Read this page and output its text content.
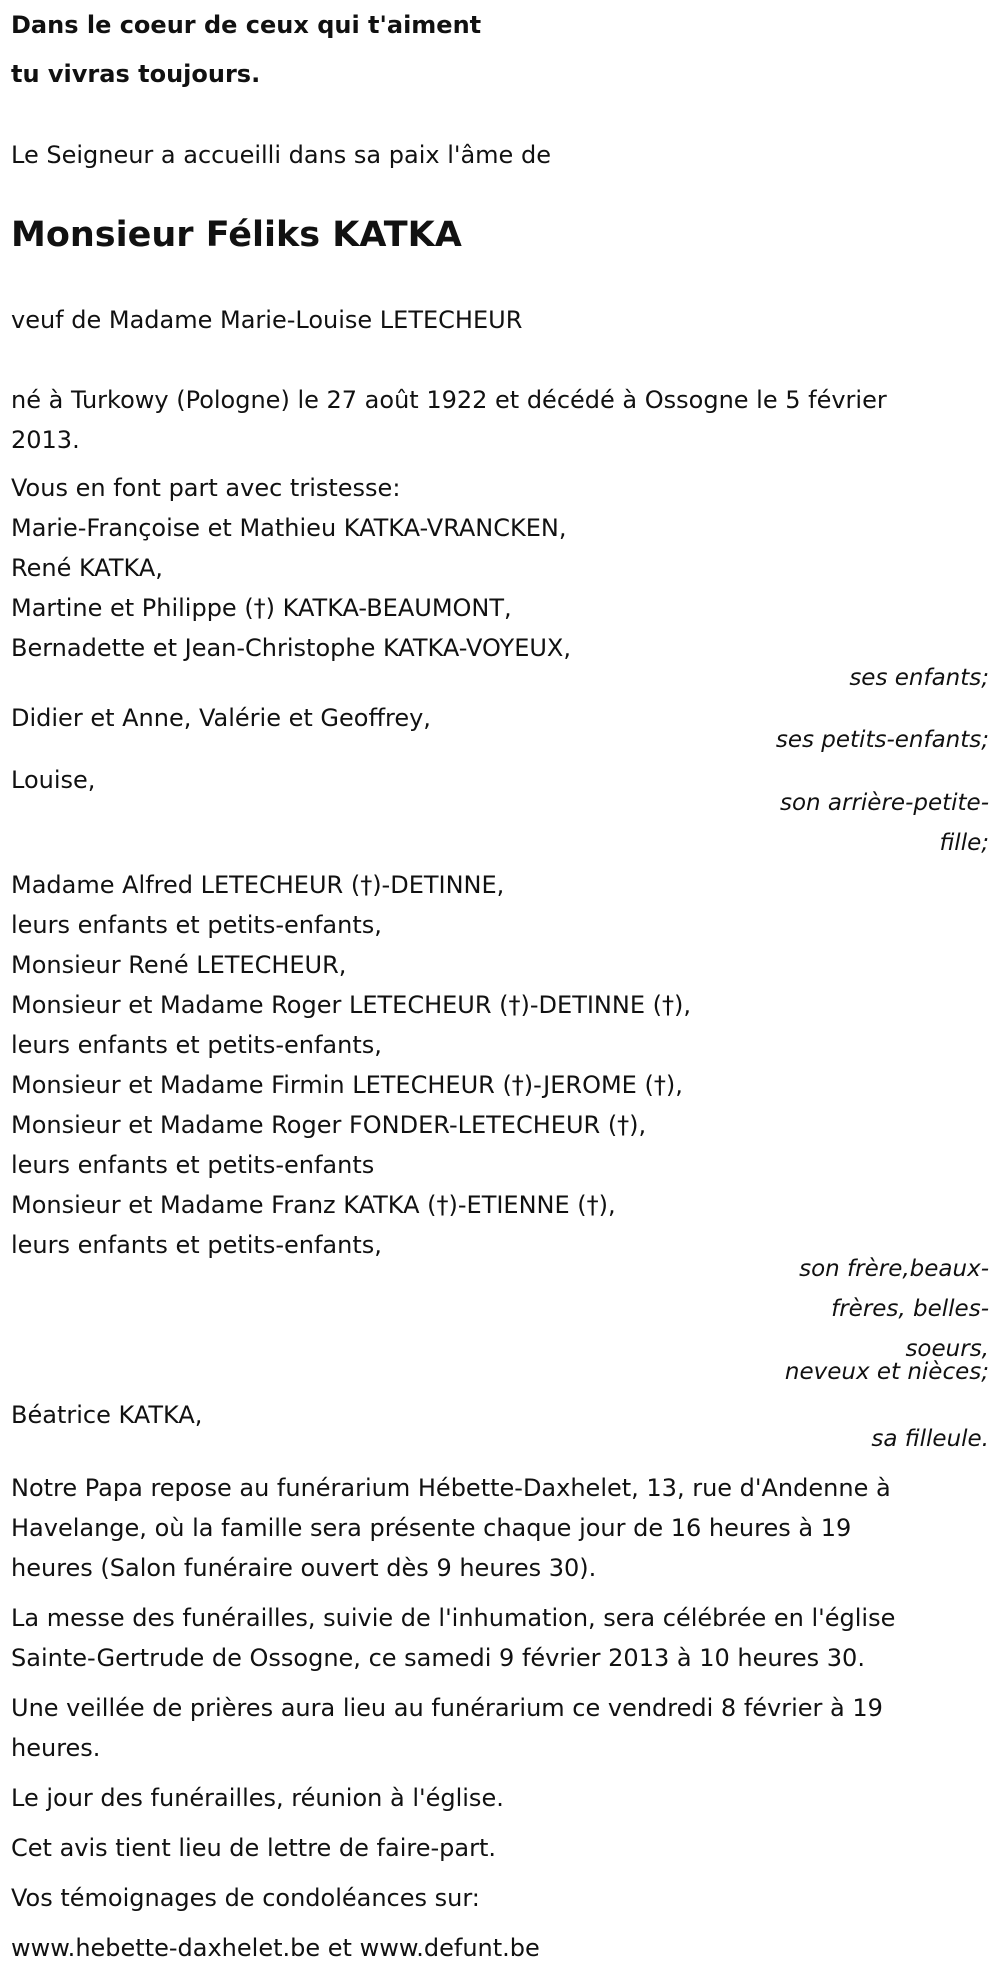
Dans le coeur de ceux qui t'aiment
tu vivras toujours.
Le Seigneur a accueilli dans sa paix l'âme de
Monsieur Féliks KATKA
veuf de Madame Marie-Louise LETECHEUR
né à Turkowy (Pologne) le 27 août 1922 et décédé à Ossogne le 5 février
2013.
Vous en font part avec tristesse:
Marie-Françoise et Mathieu KATKA-VRANCKEN,
René KATKA,
Martine et Philippe (†) KATKA-BEAUMONT,
Bernadette et Jean-Christophe KATKA-VOYEUX,
ses enfants;
Didier et Anne, Valérie et Geoffrey,
ses petits-enfants;
Louise,
son arrière-petite-
fille;
Madame Alfred LETECHEUR (†)-DETINNE,
leurs enfants et petits-enfants,
Monsieur René LETECHEUR,
Monsieur et Madame Roger LETECHEUR (†)-DETINNE (†),
leurs enfants et petits-enfants,
Monsieur et Madame Firmin LETECHEUR (†)-JEROME (†),
Monsieur et Madame Roger FONDER-LETECHEUR (†),
leurs enfants et petits-enfants
Monsieur et Madame Franz KATKA (†)-ETIENNE (†),
leurs enfants et petits-enfants,
son frère,beaux-
frères, belles-
soeurs,
neveux et nièces;
Béatrice KATKA,
sa filleule.
Notre Papa repose au funérarium Hébette-Daxhelet, 13, rue d'Andenne à
Havelange, où la famille sera présente chaque jour de 16 heures à 19
heures (Salon funéraire ouvert dès 9 heures 30).
La messe des funérailles, suivie de l'inhumation, sera célébrée en l'église
Sainte-Gertrude de Ossogne, ce samedi 9 février 2013 à 10 heures 30.
Une veillée de prières aura lieu au funérarium ce vendredi 8 février à 19
heures.
Le jour des funérailles, réunion à l'église.
Cet avis tient lieu de lettre de faire-part.
Vos témoignages de condoléances sur:
www.hebette-daxhelet.be et www.defunt.be
